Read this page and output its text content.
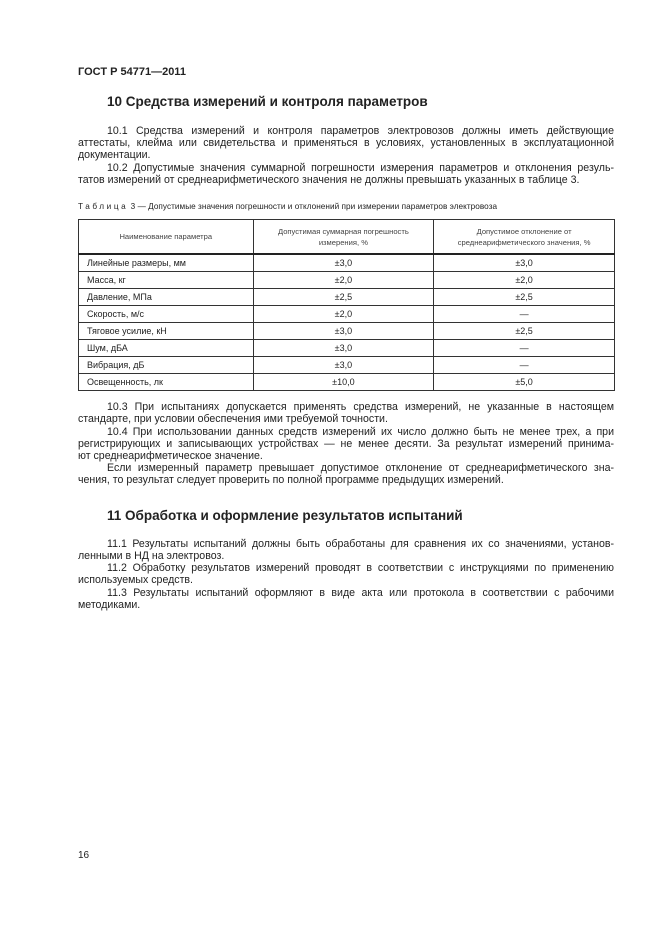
ГОСТ Р 54771—2011
10 Средства измерений и контроля параметров
10.1 Средства измерений и контроля параметров электровозов должны иметь действующие
аттестаты, клейма или свидетельства и применяться в условиях, установленных в эксплуатационной
документации.
10.2 Допустимые значения суммарной погрешности измерения параметров и отклонения резуль-
татов измерений от среднеарифметического значения не должны превышать указанных в таблице 3.
Таблица 3 — Допустимые значения погрешности и отклонений при измерении параметров электровоза
Наименование параметра	Допустимая суммарная погрешность измерения, %	Допустимое отклонение от среднеарифметического значения, %
Линейные размеры, мм	±3,0	±3,0
Масса, кг	±2,0	±2,0
Давление, МПа	±2,5	±2,5
Скорость, м/с	±2,0	—
Тяговое усилие, кН	±3,0	±2,5
Шум, дБА	±3,0	—
Вибрация, дБ	±3,0	—
Освещенность, лк	±10,0	±5,0
10.3 При испытаниях допускается применять средства измерений, не указанные в настоящем
стандарте, при условии обеспечения ими требуемой точности.
10.4 При использовании данных средств измерений их число должно быть не менее трех, а при
регистрирующих и записывающих устройствах — не менее десяти. За результат измерений принима-
ют среднеарифметическое значение.
Если измеренный параметр превышает допустимое отклонение от среднеарифметического зна-
чения, то результат следует проверить по полной программе предыдущих измерений.
11 Обработка и оформление результатов испытаний
11.1 Результаты испытаний должны быть обработаны для сравнения их со значениями, установ-
ленными в НД на электровоз.
11.2 Обработку результатов измерений проводят в соответствии с инструкциями по применению
используемых средств.
11.3 Результаты испытаний оформляют в виде акта или протокола в соответствии с рабочими
методиками.
16
